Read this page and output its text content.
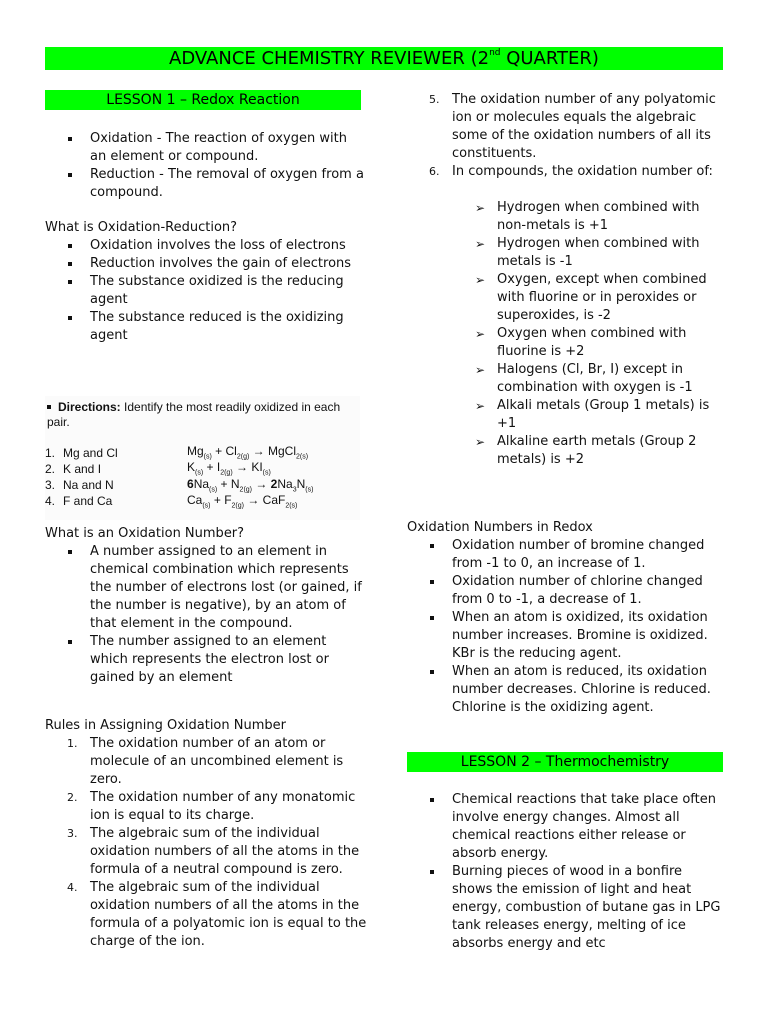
ADVANCE CHEMISTRY REVIEWER (2nd QUARTER)
LESSON 1 – Redox Reaction
Oxidation - The reaction of oxygen with an element or compound.
Reduction - The removal of oxygen from a compound.
What is Oxidation-Reduction?
Oxidation involves the loss of electrons
Reduction involves the gain of electrons
The substance oxidized is the reducing agent
The substance reduced is the oxidizing agent
Directions: Identify the most readily oxidized in each pair.
1. Mg and Cl
2. K and I
3. Na and N
4. F and Ca
$Mg_{(s)} + Cl_{2(g)}$ → MgCl$_{2(s)}$
$K_{(s)} + I_{2(g)} \to KI_{(s)}$
$6Na_{(s)} + N_{2(g)} \to 2Na_3N_{(s)}$
$Ca_{(s)} + F_{2(g)} \to CaF_{2(s)}$
What is an Oxidation Number?
A number assigned to an element in chemical combination which represents the number of electrons lost (or gained, if the number is negative), by an atom of that element in the compound.
The number assigned to an element which represents the electron lost or gained by an element
Rules in Assigning Oxidation Number
1. The oxidation number of an atom or molecule of an uncombined element is zero.
2. The oxidation number of any monatomic ion is equal to its charge.
3. The algebraic sum of the individual oxidation numbers of all the atoms in the formula of a neutral compound is zero.
4. The algebraic sum of the individual oxidation numbers of all the atoms in the formula of a polyatomic ion is equal to the charge of the ion.
5. The oxidation number of any polyatomic ion or molecules equals the algebraic some of the oxidation numbers of all its constituents.
6. In compounds, the oxidation number of:
➢ Hydrogen when combined with non-metals is +1
➢ Hydrogen when combined with metals is -1
➢ Oxygen, except when combined with fluorine or in peroxides or superoxides, is -2
➢ Oxygen when combined with fluorine is +2
➢ Halogens (Cl, Br, I) except in combination with oxygen is -1
➢ Alkali metals (Group 1 metals) is +1
➢ Alkaline earth metals (Group 2 metals) is +2
Oxidation Numbers in Redox
Oxidation number of bromine changed from -1 to 0, an increase of 1.
Oxidation number of chlorine changed from 0 to -1, a decrease of 1.
When an atom is oxidized, its oxidation number increases. Bromine is oxidized. KBr is the reducing agent.
When an atom is reduced, its oxidation number decreases. Chlorine is reduced. Chlorine is the oxidizing agent.
LESSON 2 – Thermochemistry
Chemical reactions that take place often involve energy changes. Almost all chemical reactions either release or absorb energy.
Burning pieces of wood in a bonfire shows the emission of light and heat energy, combustion of butane gas in LPG tank releases energy, melting of ice absorbs energy and etc
